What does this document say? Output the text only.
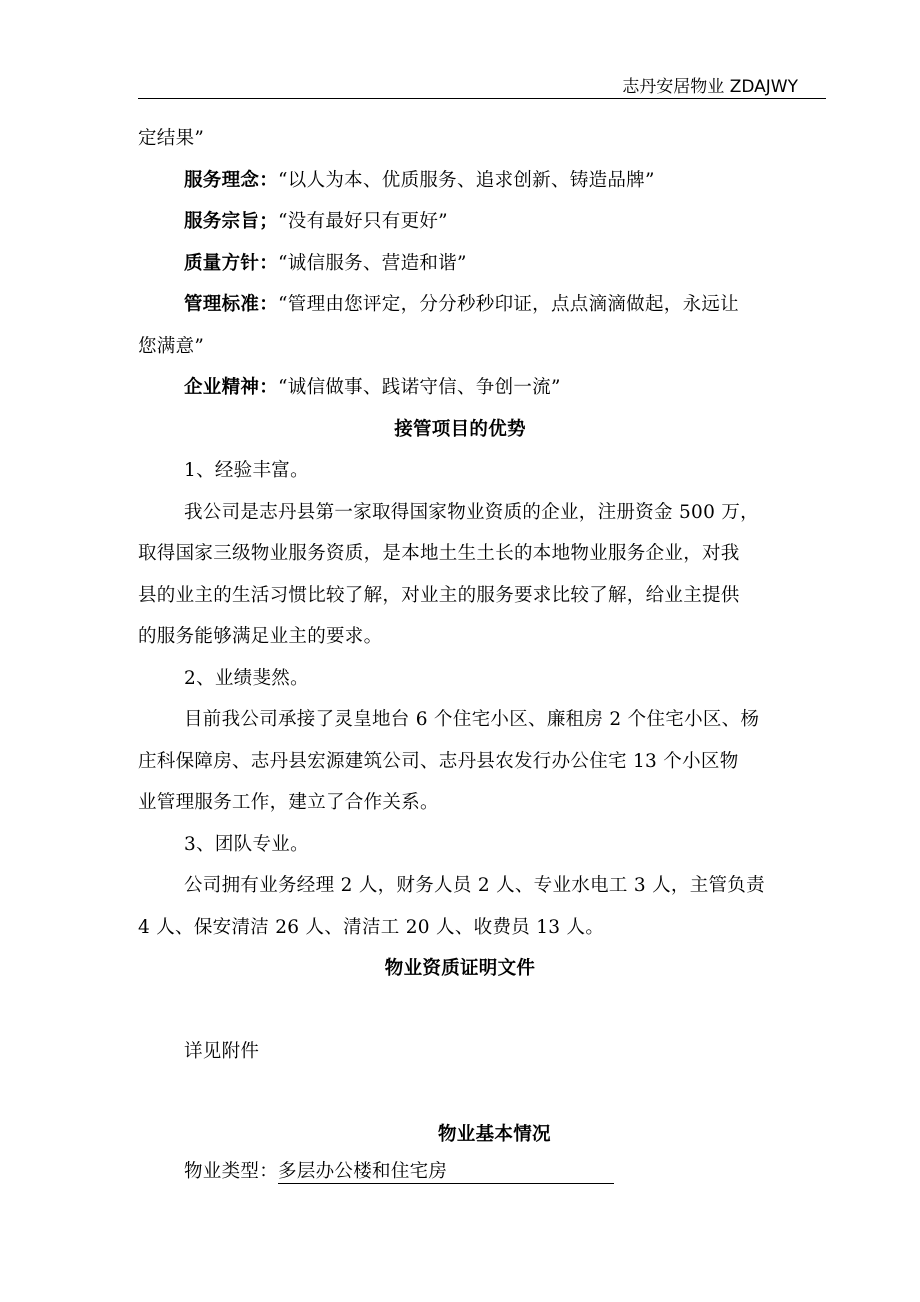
志丹安居物业 ZDAJWY
定结果”
服务理念：“以人为本、优质服务、追求创新、铸造品牌”
服务宗旨；“没有最好只有更好”
质量方针：“诚信服务、营造和谐”
管理标准：“管理由您评定，分分秒秒印证，点点滴滴做起，永远让
您满意”
企业精神：“诚信做事、践诺守信、争创一流”
接管项目的优势
1、经验丰富。
我公司是志丹县第一家取得国家物业资质的企业，注册资金 500 万，
取得国家三级物业服务资质，是本地土生土长的本地物业服务企业，对我
县的业主的生活习惯比较了解，对业主的服务要求比较了解，给业主提供
的服务能够满足业主的要求。
2、业绩斐然。
目前我公司承接了灵皇地台 6 个住宅小区、廉租房 2 个住宅小区、杨
庄科保障房、志丹县宏源建筑公司、志丹县农发行办公住宅 13 个小区物
业管理服务工作，建立了合作关系。
3、团队专业。
公司拥有业务经理 2 人，财务人员 2 人、专业水电工 3 人，主管负责
4 人、保安清洁 26 人、清洁工 20 人、收费员 13 人。
物业资质证明文件
详见附件
物业基本情况
物业类型：多层办公楼和住宅房
